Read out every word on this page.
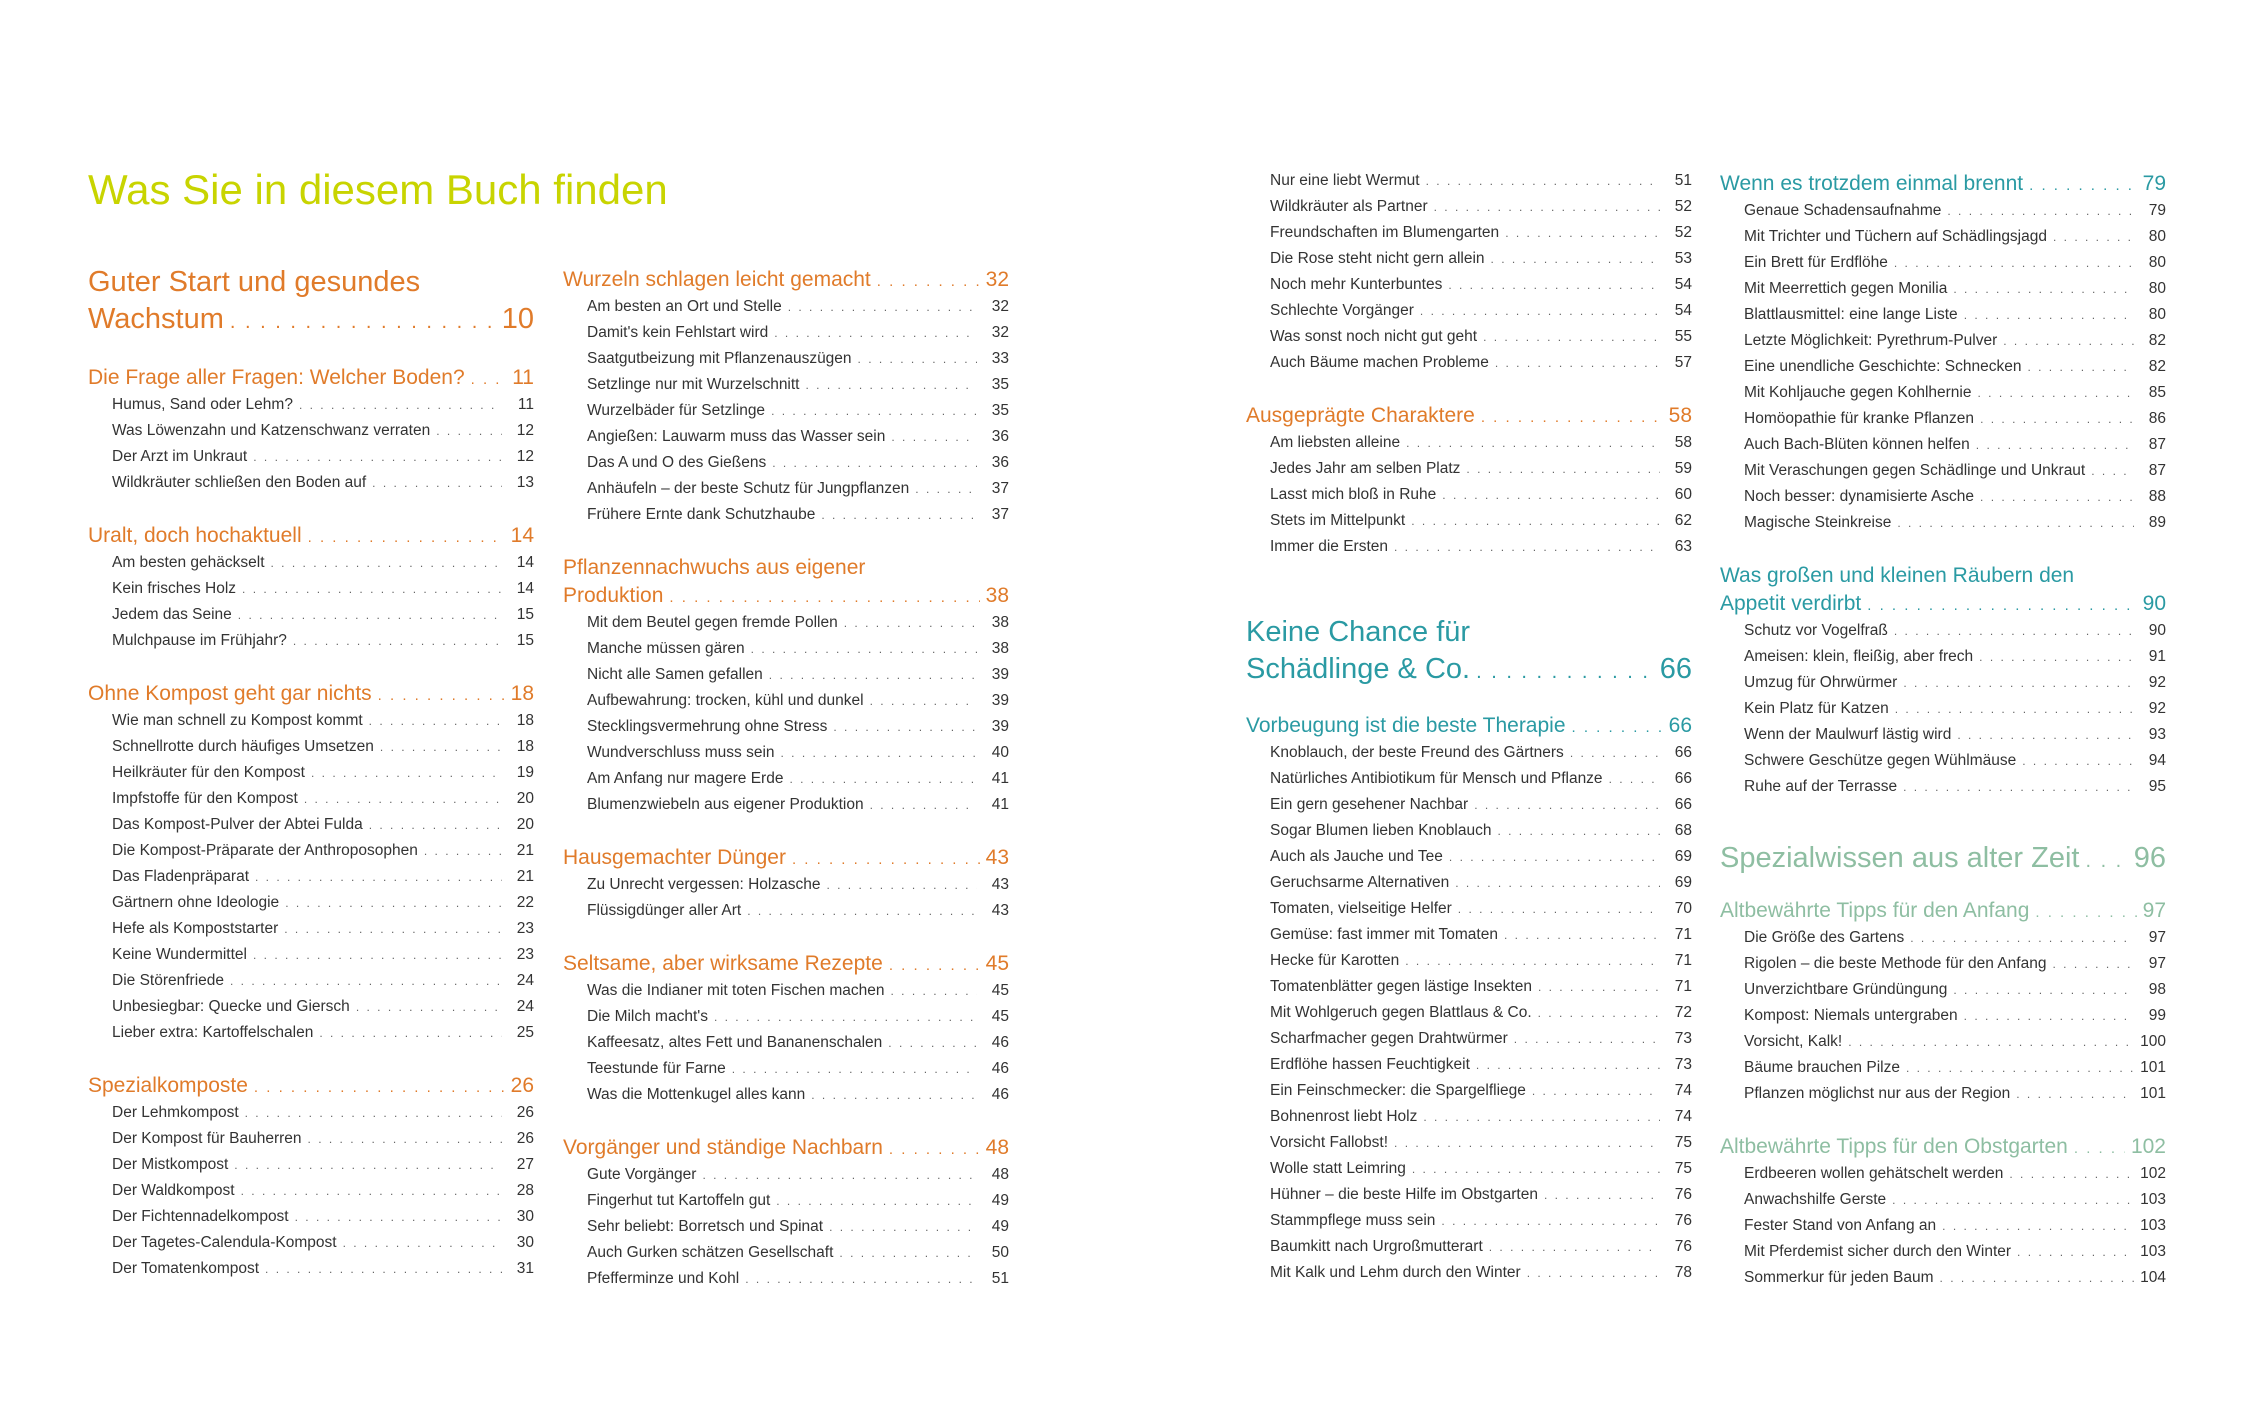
Was Sie in diesem Buch finden
Guter Start und gesundes
Wachstum . . .	10
Die Frage aller Fragen: Welcher Boden? . . . 11
Humus, Sand oder Lehm? . . .	11
Was Löwenzahn und Katzenschwanz verraten . . .	12
Der Arzt im Unkraut . . .	12
Wildkräuter schließen den Boden auf . . .	13
Uralt, doch hochaktuell . . .	14
Am besten gehäckselt . . .	14
Kein frisches Holz . . .	14
Jedem das Seine . . .	15
Mulchpause im Frühjahr? . . .	15
Ohne Kompost geht gar nichts . . .	18
Wie man schnell zu Kompost kommt . . .	18
Schnellrotte durch häufiges Umsetzen . . .	18
Heilkräuter für den Kompost . . .	19
Impfstoffe für den Kompost . . .	20
Das Kompost-Pulver der Abtei Fulda . . .	20
Die Kompost-Präparate der Anthroposophen . . .	21
Das Fladenpräparat . . .	21
Gärtnern ohne Ideologie . . .	22
Hefe als Kompoststarter . . .	23
Keine Wundermittel . . .	23
Die Störenfriede . . .	24
Unbesiegbar: Quecke und Giersch . . .	24
Lieber extra: Kartoffelschalen . . .	25
Spezialkomposte . . .	26
Der Lehmkompost . . .	26
Der Kompost für Bauherren . . .	26
Der Mistkompost . . .	27
Der Waldkompost . . .	28
Der Fichtennadelkompost . . .	30
Der Tagetes-Calendula-Kompost . . .	30
Der Tomatenkompost . . .	31
Wurzeln schlagen leicht gemacht . . .	32
Am besten an Ort und Stelle . . .	32
Damit's kein Fehlstart wird . . .	32
Saatgutbeizung mit Pflanzenauszügen . . .	33
Setzlinge nur mit Wurzelschnitt . . .	35
Wurzelbäder für Setzlinge . . .	35
Angießen: Lauwarm muss das Wasser sein . . .	36
Das A und O des Gießens . . .	36
Anhäufeln – der beste Schutz für Jungpflanzen . . .	37
Frühere Ernte dank Schutzhaube . . .	37
Pflanzennachwuchs aus eigener
Produktion . . .	38
Mit dem Beutel gegen fremde Pollen . . .	38
Manche müssen gären . . .	38
Nicht alle Samen gefallen . . .	39
Aufbewahrung: trocken, kühl und dunkel . . .	39
Stecklingsvermehrung ohne Stress . . .	39
Wundverschluss muss sein . . .	40
Am Anfang nur magere Erde . . .	41
Blumenzwiebeln aus eigener Produktion . . .	41
Hausgemachter Dünger . . .	43
Zu Unrecht vergessen: Holzasche . . .	43
Flüssigdünger aller Art . . .	43
Seltsame, aber wirksame Rezepte . . .	45
Was die Indianer mit toten Fischen machen . . .	45
Die Milch macht's . . .	45
Kaffeesatz, altes Fett und Bananenschalen . . .	46
Teestunde für Farne . . .	46
Was die Mottenkugel alles kann . . .	46
Vorgänger und ständige Nachbarn . . .	48
Gute Vorgänger . . .	48
Fingerhut tut Kartoffeln gut . . .	49
Sehr beliebt: Borretsch und Spinat . . .	49
Auch Gurken schätzen Gesellschaft . . .	50
Pfefferminze und Kohl . . .	51
Nur eine liebt Wermut . . .	51
Wildkräuter als Partner . . .	52
Freundschaften im Blumengarten . . .	52
Die Rose steht nicht gern allein . . .	53
Noch mehr Kunterbuntes . . .	54
Schlechte Vorgänger . . .	54
Was sonst noch nicht gut geht . . .	55
Auch Bäume machen Probleme . . .	57
Ausgeprägte Charaktere . . .	58
Am liebsten alleine . . .	58
Jedes Jahr am selben Platz . . .	59
Lasst mich bloß in Ruhe . . .	60
Stets im Mittelpunkt . . .	62
Immer die Ersten . . .	63
Keine Chance für
Schädlinge & Co. . . .	66
Vorbeugung ist die beste Therapie . . .	66
Knoblauch, der beste Freund des Gärtners . . .	66
Natürliches Antibiotikum für Mensch und Pflanze . . .	66
Ein gern gesehener Nachbar . . .	66
Sogar Blumen lieben Knoblauch . . .	68
Auch als Jauche und Tee . . .	69
Geruchsarme Alternativen . . .	69
Tomaten, vielseitige Helfer . . .	70
Gemüse: fast immer mit Tomaten . . .	71
Hecke für Karotten . . .	71
Tomatenblätter gegen lästige Insekten . . .	71
Mit Wohlgeruch gegen Blattlaus & Co. . . .	72
Scharfmacher gegen Drahtwürmer . . .	73
Erdflöhe hassen Feuchtigkeit . . .	73
Ein Feinschmecker: die Spargelfliege . . .	74
Bohnenrost liebt Holz . . .	74
Vorsicht Fallobst! . . .	75
Wolle statt Leimring . . .	75
Hühner – die beste Hilfe im Obstgarten . . .	76
Stammpflege muss sein . . .	76
Baumkitt nach Urgroßmutterart . . .	76
Mit Kalk und Lehm durch den Winter . . .	78
Wenn es trotzdem einmal brennt . . .	79
Genaue Schadensaufnahme . . .	79
Mit Trichter und Tüchern auf Schädlingsjagd . . .	80
Ein Brett für Erdflöhe . . .	80
Mit Meerrettich gegen Monilia . . .	80
Blattlausmittel: eine lange Liste . . .	80
Letzte Möglichkeit: Pyrethrum-Pulver . . .	82
Eine unendliche Geschichte: Schnecken . . .	82
Mit Kohljauche gegen Kohlhernie . . .	85
Homöopathie für kranke Pflanzen . . .	86
Auch Bach-Blüten können helfen . . .	87
Mit Veraschungen gegen Schädlinge und Unkraut . . .	87
Noch besser: dynamisierte Asche . . .	88
Magische Steinkreise . . .	89
Was großen und kleinen Räubern den
Appetit verdirbt . . .	90
Schutz vor Vogelfraß . . .	90
Ameisen: klein, fleißig, aber frech . . .	91
Umzug für Ohrwürmer . . .	92
Kein Platz für Katzen . . .	92
Wenn der Maulwurf lästig wird . . .	93
Schwere Geschütze gegen Wühlmäuse . . .	94
Ruhe auf der Terrasse . . .	95
Spezialwissen aus alter Zeit . . . 96
Altbewährte Tipps für den Anfang . . .	97
Die Größe des Gartens . . .	97
Rigolen – die beste Methode für den Anfang . . .	97
Unverzichtbare Gründüngung . . .	98
Kompost: Niemals untergraben . . .	99
Vorsicht, Kalk! . . .	100
Bäume brauchen Pilze . . .	101
Pflanzen möglichst nur aus der Region . . .	101
Altbewährte Tipps für den Obstgarten . . .	102
Erdbeeren wollen gehätschelt werden . . .	102
Anwachshilfe Gerste . . .	103
Fester Stand von Anfang an . . .	103
Mit Pferdemist sicher durch den Winter . . .	103
Sommerkur für jeden Baum . . .	104
